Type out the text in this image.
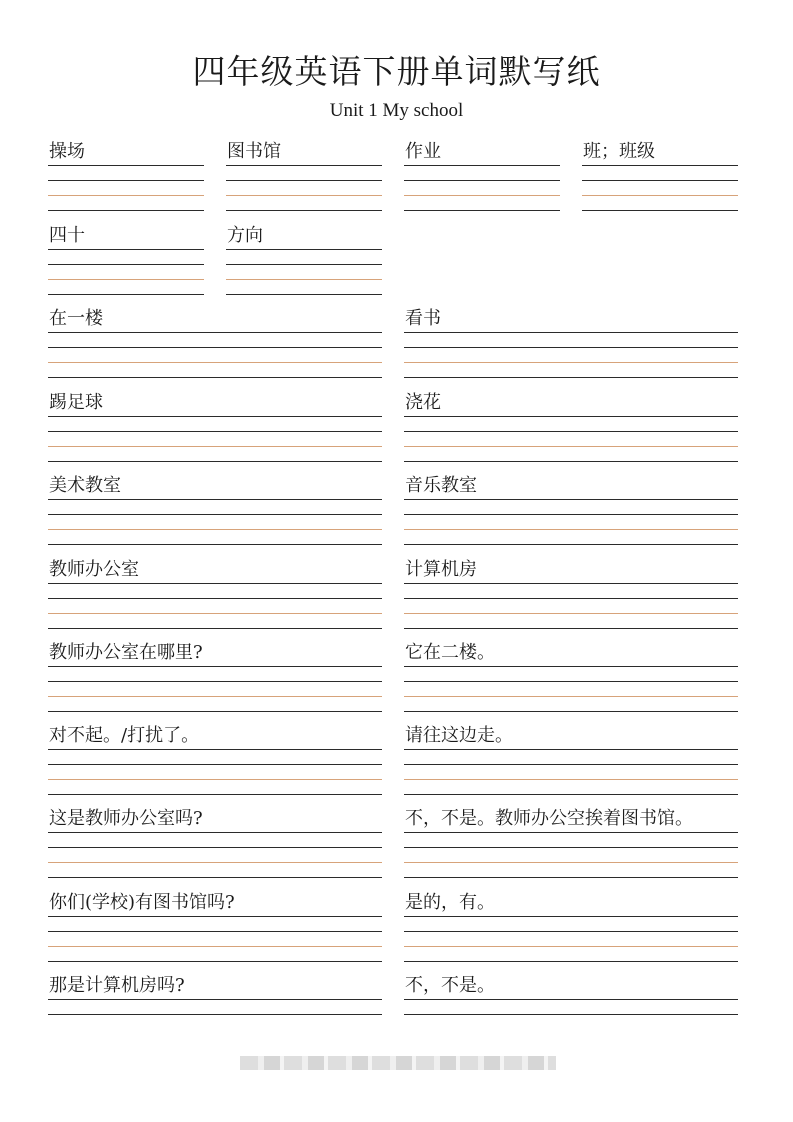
四年级英语下册单词默写纸
Unit 1 My school
操场	图书馆	作业	班；班级
四十	方向
在一楼	看书
踢足球	浇花
美术教室	音乐教室
教师办公室	计算机房
教师办公室在哪里?	它在二楼。
对不起。/打扰了。	请往这边走。
这是教师办公室吗?	不，不是。教师办公空挨着图书馆。
你们(学校)有图书馆吗?	是的，有。
那是计算机房吗?	不，不是。
